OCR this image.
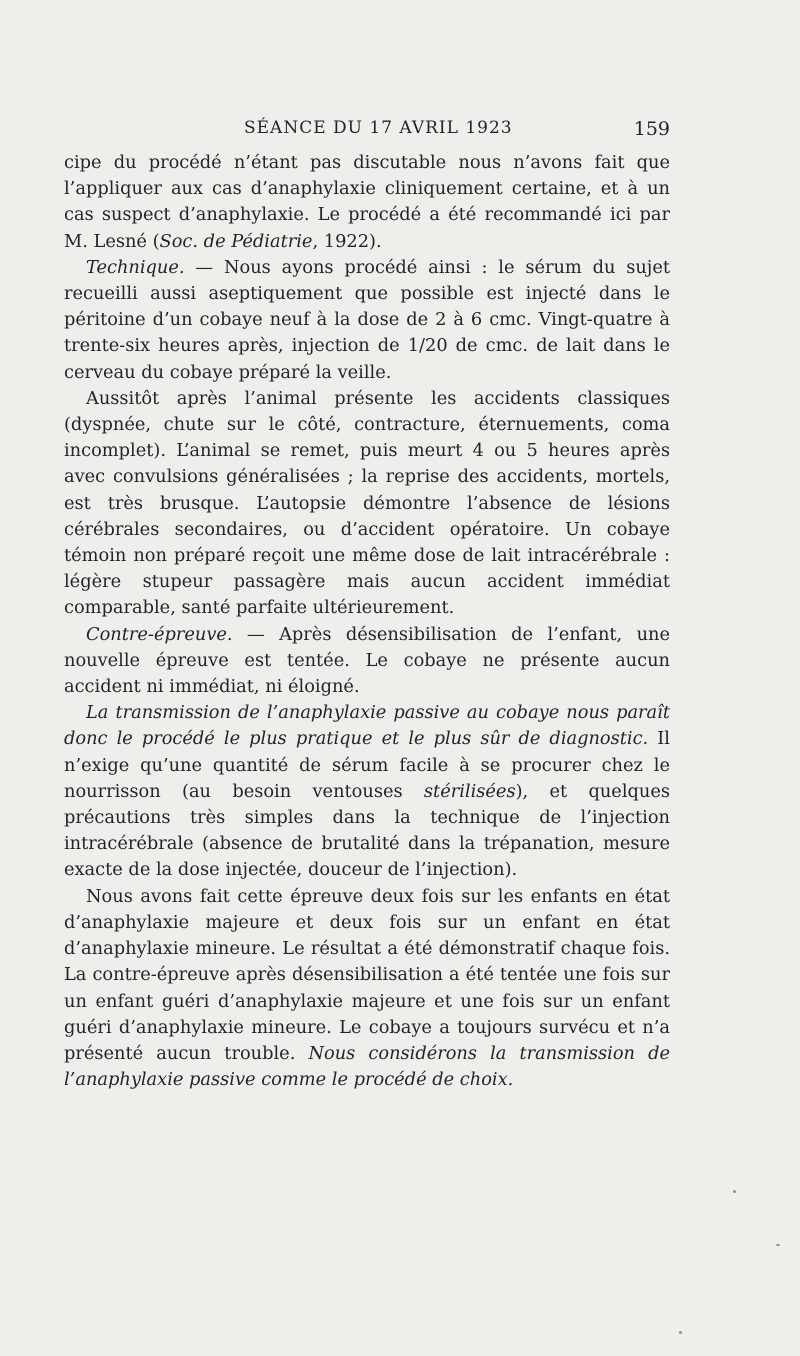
SÉANCE DU 17 AVRIL 1923	159

cipe du procédé n’étant pas discutable nous n’avons fait que l’appliquer aux cas d’anaphylaxie cliniquement certaine, et à un cas suspect d’anaphylaxie. Le procédé a été recommandé ici par M. Lesné (Soc. de Pédiatrie, 1922).

Technique. — Nous ayons procédé ainsi : le sérum du sujet recueilli aussi aseptiquement que possible est injecté dans le péritoine d’un cobaye neuf à la dose de 2 à 6 cmc. Vingt-quatre à trente-six heures après, injection de 1/20 de cmc. de lait dans le cerveau du cobaye préparé la veille.

Aussitôt après l’animal présente les accidents classiques (dyspnée, chute sur le côté, contracture, éternuements, coma incomplet). L’animal se remet, puis meurt 4 ou 5 heures après avec convulsions généralisées ; la reprise des accidents, mortels, est très brusque. L’autopsie démontre l’absence de lésions cérébrales secondaires, ou d’accident opératoire. Un cobaye témoin non préparé reçoit une même dose de lait intracérébrale : légère stupeur passagère mais aucun accident immédiat comparable, santé parfaite ultérieurement.

Contre-épreuve. — Après désensibilisation de l’enfant, une nouvelle épreuve est tentée. Le cobaye ne présente aucun accident ni immédiat, ni éloigné.

La transmission de l’anaphylaxie passive au cobaye nous paraît donc le procédé le plus pratique et le plus sûr de diagnostic. Il n’exige qu’une quantité de sérum facile à se procurer chez le nourrisson (au besoin ventouses stérilisées), et quelques précautions très simples dans la technique de l’injection intracérébrale (absence de brutalité dans la trépanation, mesure exacte de la dose injectée, douceur de l’injection).

Nous avons fait cette épreuve deux fois sur les enfants en état d’anaphylaxie majeure et deux fois sur un enfant en état d’anaphylaxie mineure. Le résultat a été démonstratif chaque fois. La contre-épreuve après désensibilisation a été tentée une fois sur un enfant guéri d’anaphylaxie majeure et une fois sur un enfant guéri d’anaphylaxie mineure. Le cobaye a toujours survécu et n’a présenté aucun trouble. Nous considérons la transmission de l’anaphylaxie passive comme le procédé de choix.
